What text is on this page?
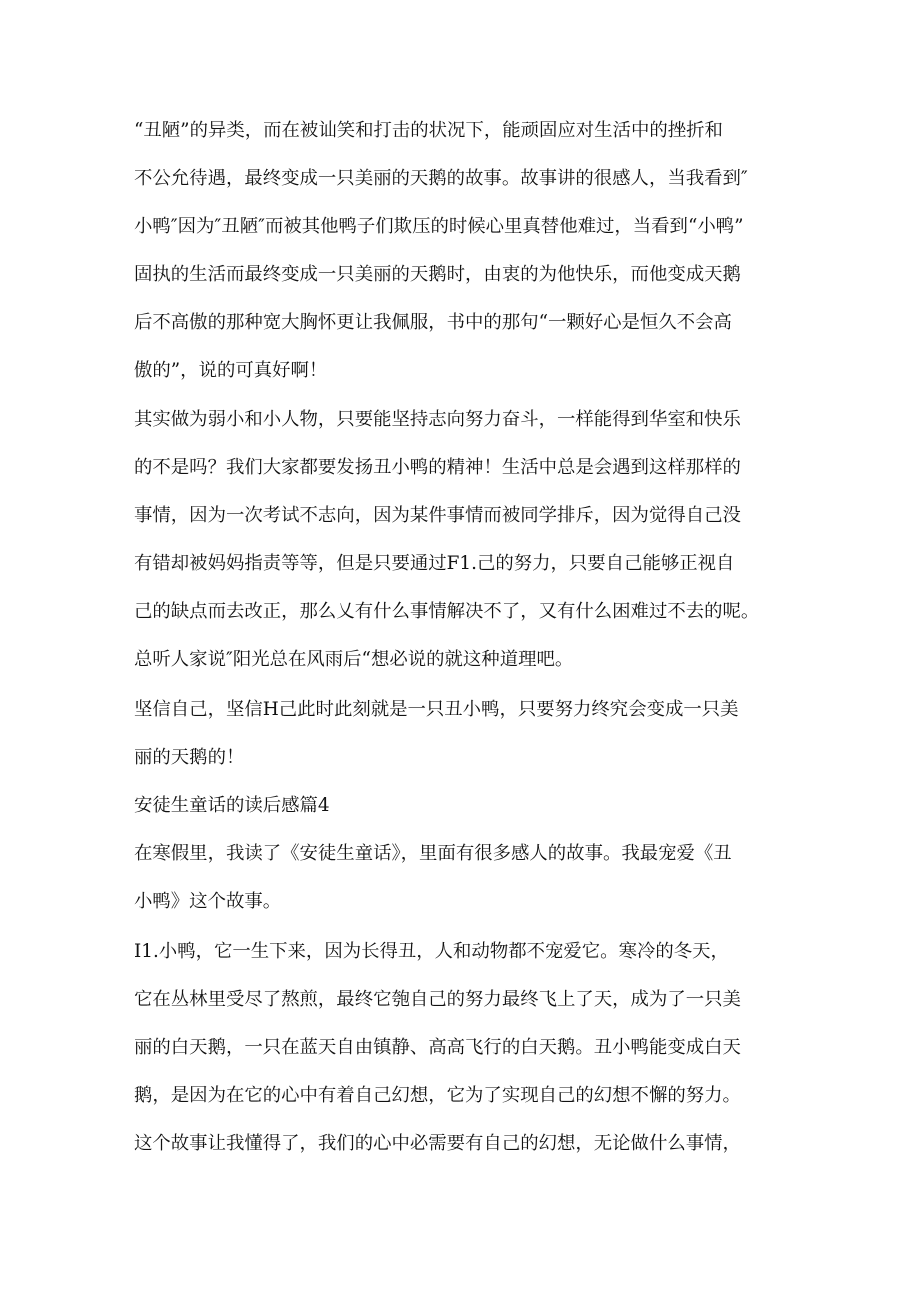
“丑陋”的异类，而在被讪笑和打击的状况下，能顽固应对生活中的挫折和

不公允待遇，最终变成一只美丽的天鹅的故事。故事讲的很感人，当我看到″

小鸭″因为″丑陋″而被其他鸭子们欺压的时候心里真替他难过，当看到“小鸭”

固执的生活而最终变成一只美丽的天鹅时，由衷的为他快乐，而他变成天鹅

后不高傲的那种宽大胸怀更让我佩服，书中的那句“一颗好心是恒久不会高

傲的”，说的可真好啊！

其实做为弱小和小人物，只要能坚持志向努力奋斗，一样能得到华室和快乐

的不是吗？我们大家都要发扬丑小鸭的精神！生活中总是会遇到这样那样的

事情，因为一次考试不志向，因为某件事情而被同学排斥，因为觉得自己没

有错却被妈妈指责等等，但是只要通过F1.己的努力，只要自己能够正视自

己的缺点而去改正，那么乂有什么事情解决不了，又有什么困难过不去的呢。

总听人家说″阳光总在风雨后“想必说的就这种道理吧。

坚信自己，坚信H己此时此刻就是一只丑小鸭，只要努力终究会变成一只美

丽的天鹅的！

安徒生童话的读后感篇4

在寒假里，我读了《安徒生童话》，里面有很多感人的故事。我最宠爱《丑

小鸭》这个故事。

I1.小鸭，它一生下来，因为长得丑，人和动物都不宠爱它。寒冷的冬天，

它在丛林里受尽了熬煎，最终它匏自己的努力最终飞上了天，成为了一只美

丽的白天鹅，一只在蓝天自由镇静、高高飞行的白天鹅。丑小鸭能变成白天

鹅，是因为在它的心中有着自己幻想，它为了实现自己的幻想不懈的努力。

这个故事让我懂得了，我们的心中必需要有自己的幻想，无论做什么事情，
